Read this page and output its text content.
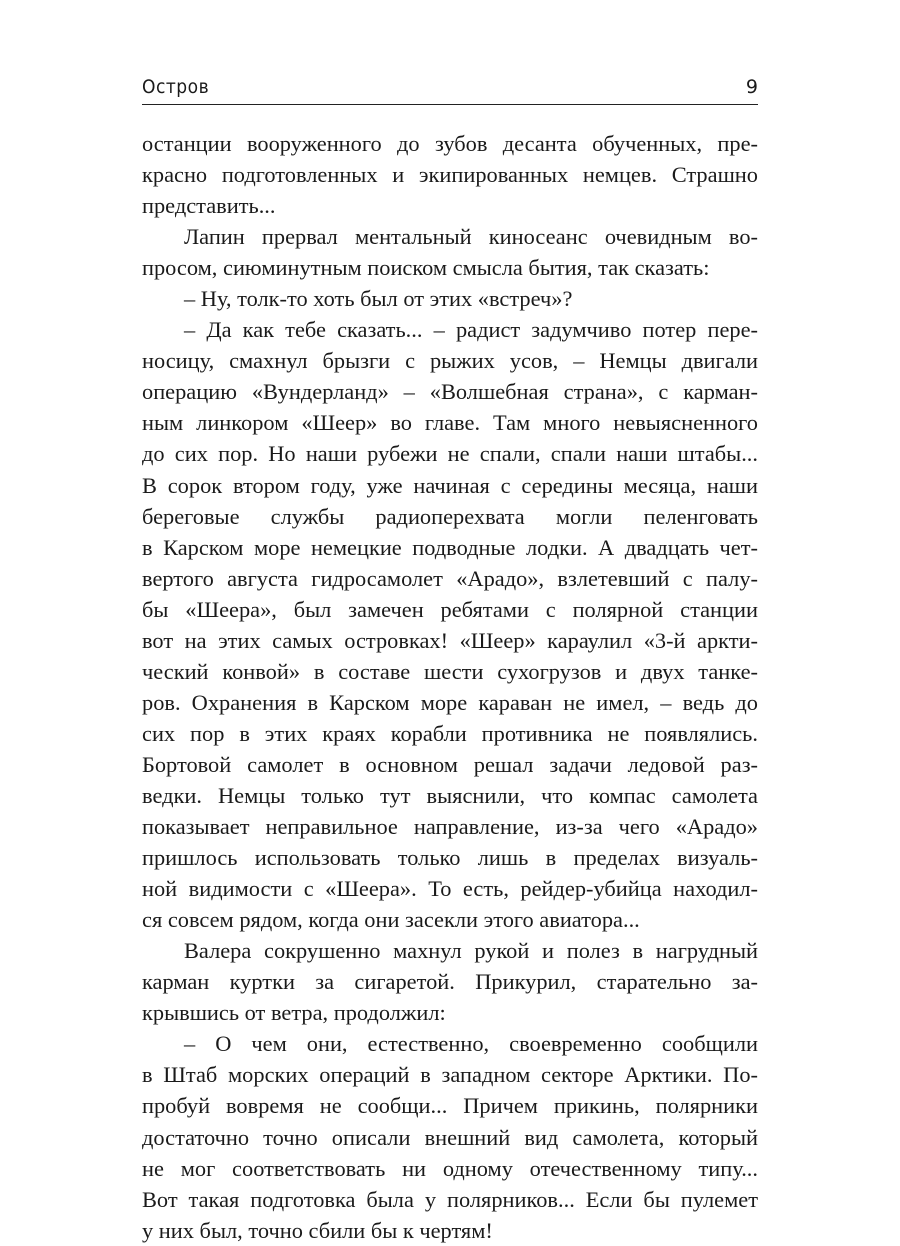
Остров	9
останции вооруженного до зубов десанта обученных, пре-
красно подготовленных и экипированных немцев. Страшно
представить...
Лапин прервал ментальный киносеанс очевидным во-
просом, сиюминутным поиском смысла бытия, так сказать:
– Ну, толк-то хоть был от этих «встреч»?
– Да как тебе сказать... – радист задумчиво потер пере-
носицу, смахнул брызги с рыжих усов, – Немцы двигали
операцию «Вундерланд» – «Волшебная страна», с карман-
ным линкором «Шеер» во главе. Там много невыясненного
до сих пор. Но наши рубежи не спали, спали наши штабы...
В сорок втором году, уже начиная с середины месяца, наши
береговые службы радиоперехвата могли пеленговать
в Карском море немецкие подводные лодки. А двадцать чет-
вертого августа гидросамолет «Арадо», взлетевший с палу-
бы «Шеера», был замечен ребятами с полярной станции
вот на этих самых островках! «Шеер» караулил «3-й аркти-
ческий конвой» в составе шести сухогрузов и двух танке-
ров. Охранения в Карском море караван не имел, – ведь до
сих пор в этих краях корабли противника не появлялись.
Бортовой самолет в основном решал задачи ледовой раз-
ведки. Немцы только тут выяснили, что компас самолета
показывает неправильное направление, из-за чего «Арадо»
пришлось использовать только лишь в пределах визуаль-
ной видимости с «Шеера». То есть, рейдер-убийца находил-
ся совсем рядом, когда они засекли этого авиатора...
Валера сокрушенно махнул рукой и полез в нагрудный
карман куртки за сигаретой. Прикурил, старательно за-
крывшись от ветра, продолжил:
– О чем они, естественно, своевременно сообщили
в Штаб морских операций в западном секторе Арктики. По-
пробуй вовремя не сообщи... Причем прикинь, полярники
достаточно точно описали внешний вид самолета, который
не мог соответствовать ни одному отечественному типу...
Вот такая подготовка была у полярников... Если бы пулемет
у них был, точно сбили бы к чертям!
